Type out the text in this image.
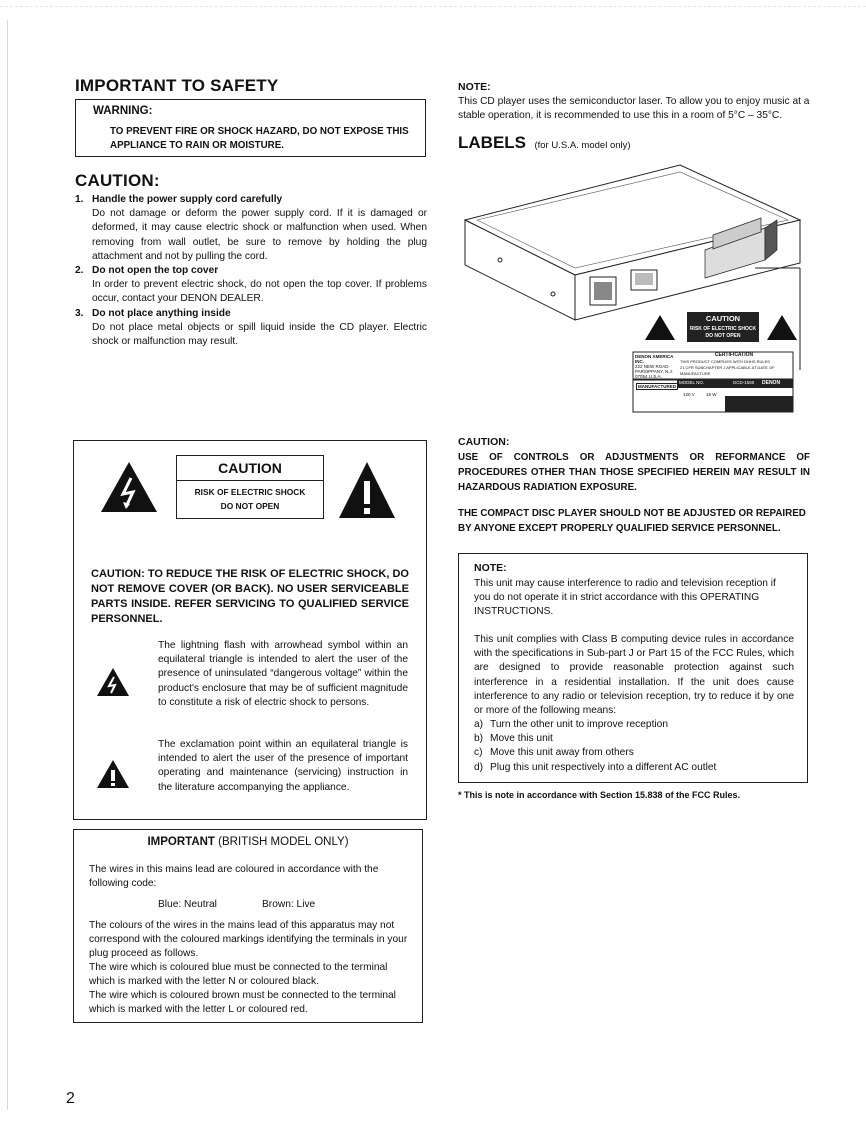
IMPORTANT TO SAFETY
WARNING:
TO PREVENT FIRE OR SHOCK HAZARD, DO NOT EXPOSE THIS APPLIANCE TO RAIN OR MOISTURE.
CAUTION:
1. Handle the power supply cord carefully
Do not damage or deform the power supply cord. If it is damaged or deformed, it may cause electric shock or malfunction when used. When removing from wall outlet, be sure to remove by holding the plug attachment and not by pulling the cord.
2. Do not open the top cover
In order to prevent electric shock, do not open the top cover. If problems occur, contact your DENON DEALER.
3. Do not place anything inside
Do not place metal objects or spill liquid inside the CD player. Electric shock or malfunction may result.
CAUTION
RISK OF ELECTRIC SHOCK
DO NOT OPEN
CAUTION: TO REDUCE THE RISK OF ELECTRIC SHOCK, DO NOT REMOVE COVER (OR BACK). NO USER SERVICEABLE PARTS INSIDE. REFER SERVICING TO QUALIFIED SERVICE PERSONNEL.
The lightning flash with arrowhead symbol within an equilateral triangle is intended to alert the user of the presence of uninsulated “dangerous voltage” within the product's enclosure that may be of sufficient magnitude to constitute a risk of electric shock to persons.
The exclamation point within an equilateral triangle is intended to alert the user of the presence of important operating and maintenance (servicing) instruction in the literature accompanying the appliance.
IMPORTANT (BRITISH MODEL ONLY)
The wires in this mains lead are coloured in accordance with the following code:
Blue: Neutral	Brown: Live
The colours of the wires in the mains lead of this apparatus may not correspond with the coloured markings identifying the terminals in your plug proceed as follows.
The wire which is coloured blue must be connected to the terminal which is marked with the letter N or coloured black.
The wire which is coloured brown must be connected to the terminal which is marked with the letter L or coloured red.
NOTE:
This CD player uses the semiconductor laser. To allow you to enjoy music at a stable operation, it is recommended to use this in a room of 5°C – 35°C.
LABELS (for U.S.A. model only)
CAUTION
RISK OF ELECTRIC SHOCK
DO NOT OPEN
DENON AMERICA INC.
222 NEW ROAD
PARSIPPANY, N.J.
07054 U.S.A.
CERTIFICATION
THIS PRODUCT COMPLIES WITH DHHS RULES
21 CFR SUBCHAPTER J APPLICABLE AT DATE OF
MANUFACTURE
MANUFACTURED
MODEL NO.	DCD-1560 DENON
120 V 18 W	60 Hz
CAUTION:
USE OF CONTROLS OR ADJUSTMENTS OR REFORMANCE OF PROCEDURES OTHER THAN THOSE SPECIFIED HEREIN MAY RESULT IN HAZARDOUS RADIATION EXPOSURE.
THE COMPACT DISC PLAYER SHOULD NOT BE ADJUSTED OR REPAIRED BY ANYONE EXCEPT PROPERLY QUALIFIED SERVICE PERSONNEL.
NOTE:
This unit may cause interference to radio and television reception if you do not operate it in strict accordance with this OPERATING INSTRUCTIONS.
This unit complies with Class B computing device rules in accordance with the specifications in Sub-part J or Part 15 of the FCC Rules, which are designed to provide reasonable protection against such interference in a residential installation. If the unit does cause interference to any radio or television reception, try to reduce it by one or more of the following means:
a) Turn the other unit to improve reception
b) Move this unit
c) Move this unit away from others
d) Plug this unit respectively into a different AC outlet
* This is note in accordance with Section 15.838 of the FCC Rules.
2
